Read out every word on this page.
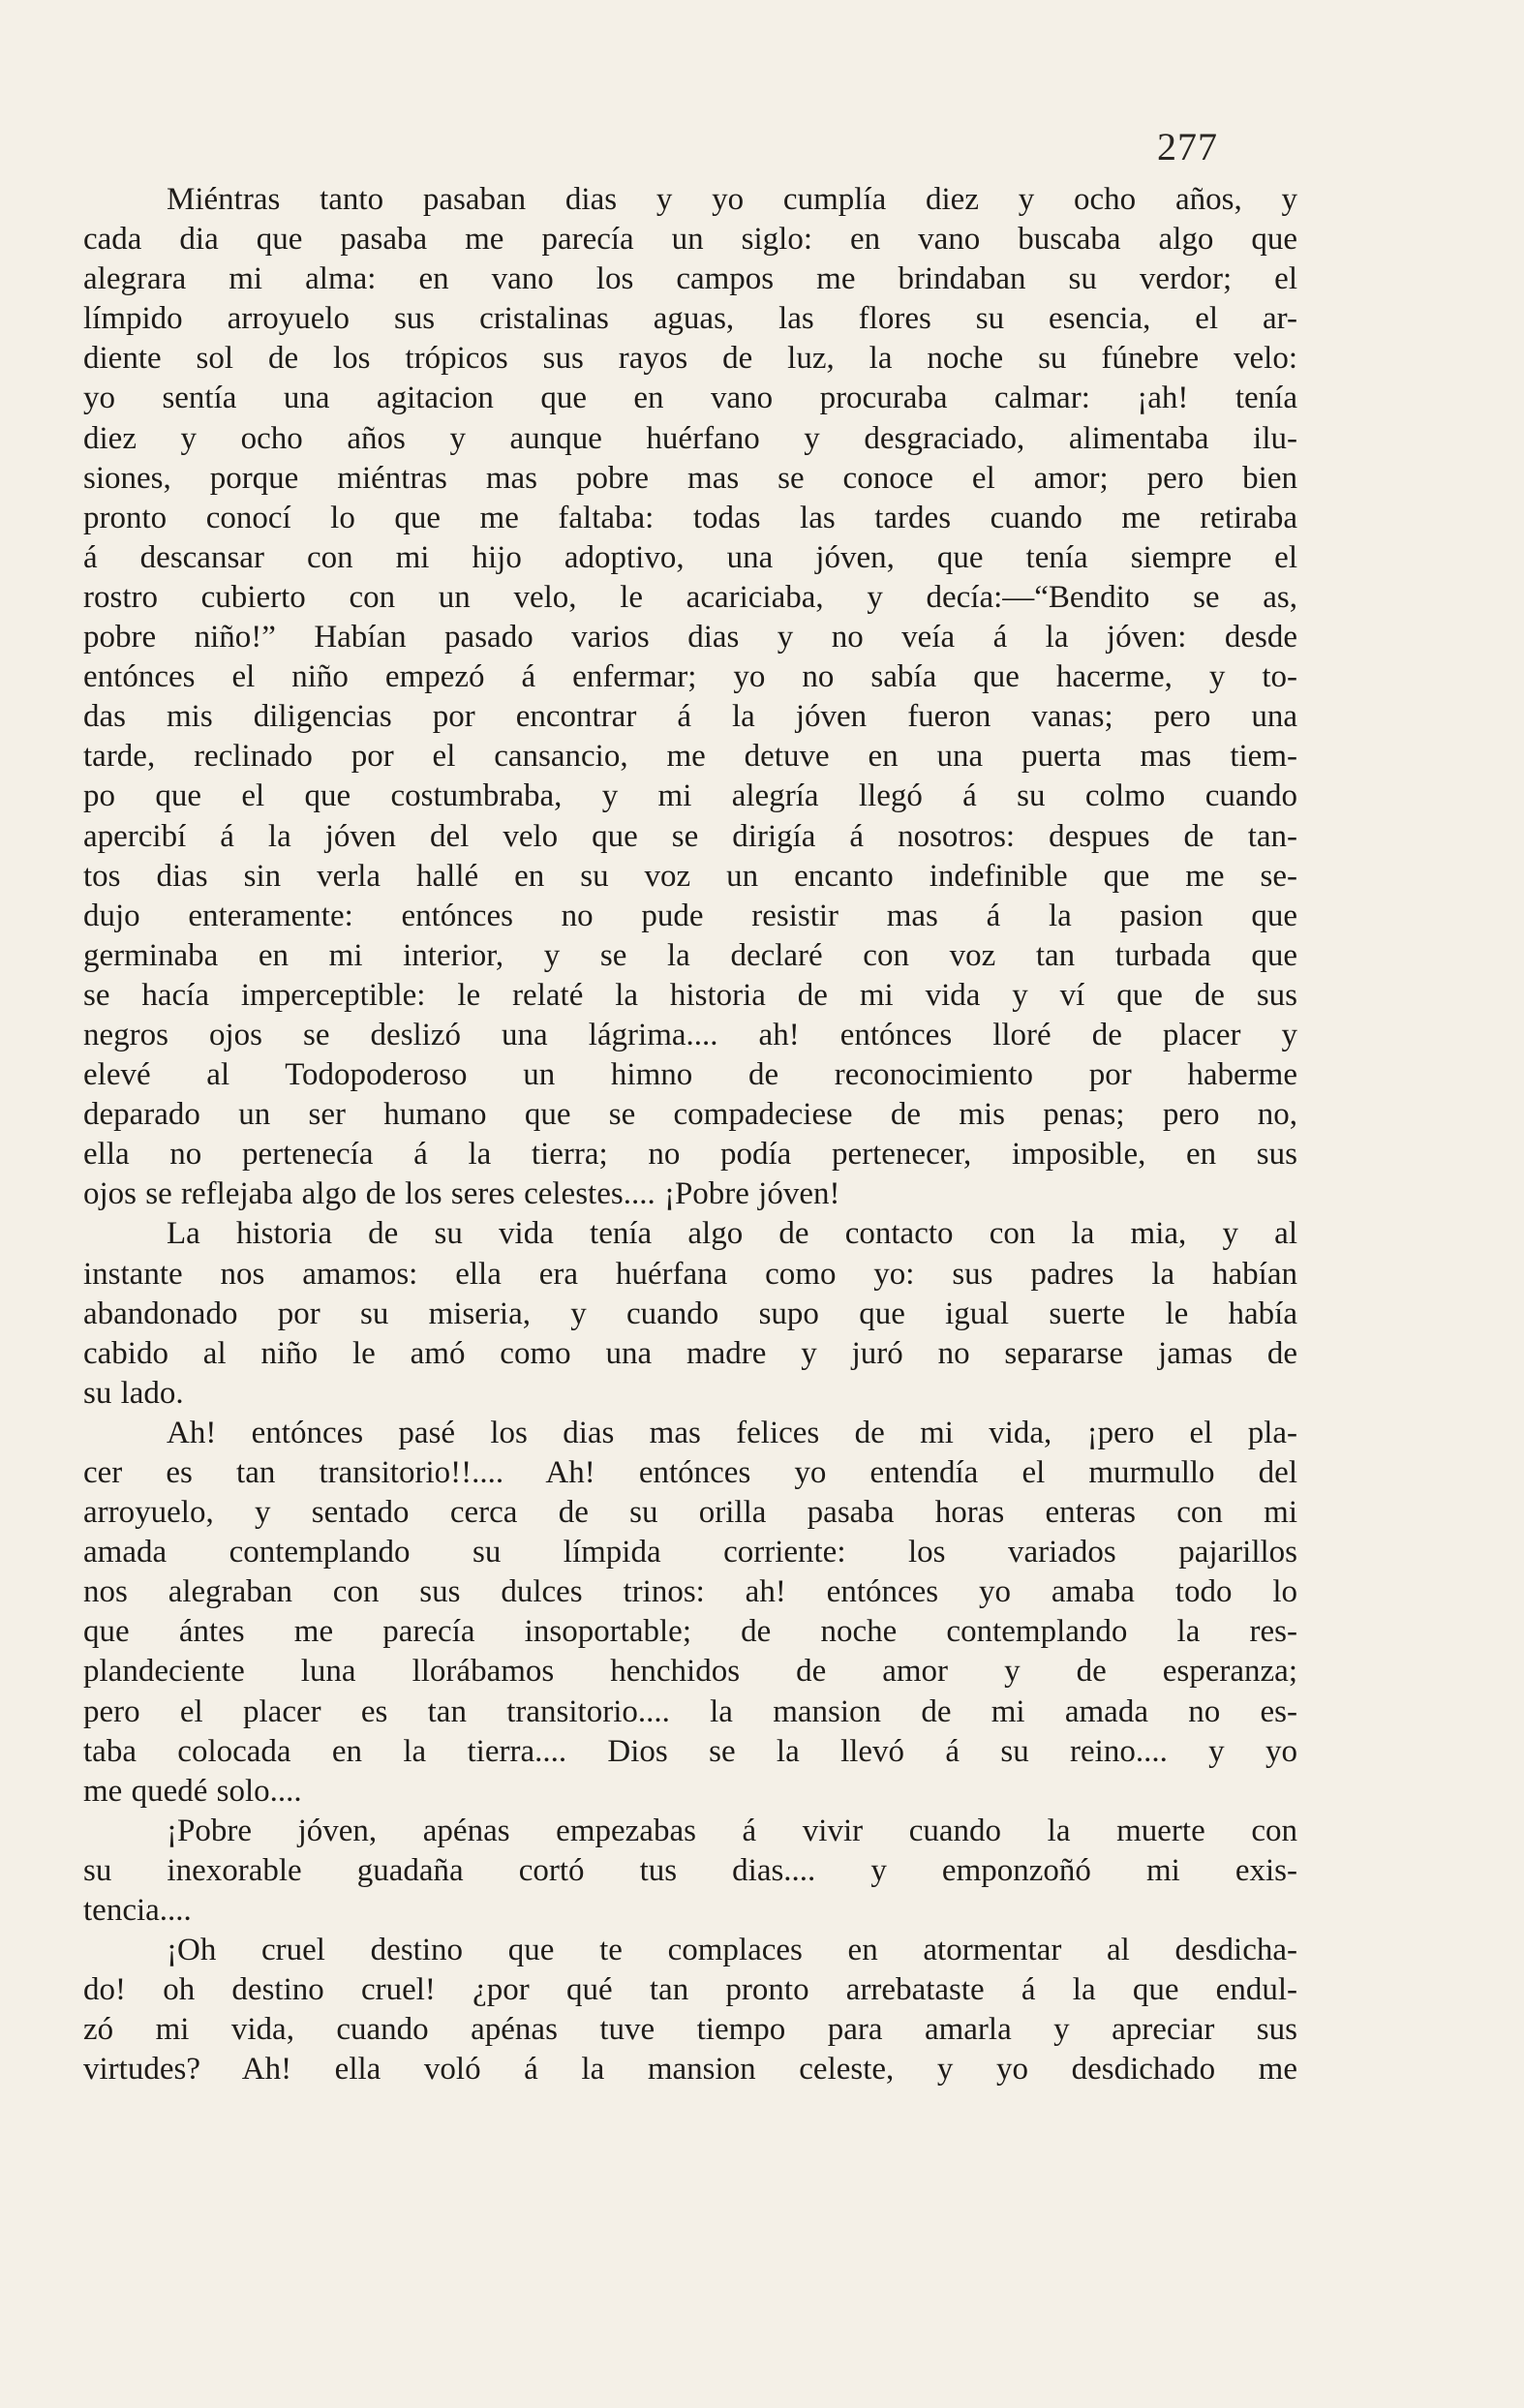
277
Miéntras tanto pasaban dias y yo cumplía diez y ocho años, y
cada dia que pasaba me parecía un siglo: en vano buscaba algo que
alegrara mi alma: en vano los campos me brindaban su verdor; el
límpido arroyuelo sus cristalinas aguas, las flores su esencia, el ar-
diente sol de los trópicos sus rayos de luz, la noche su fúnebre velo:
yo sentía una agitacion que en vano procuraba calmar: ¡ah! tenía
diez y ocho años y aunque huérfano y desgraciado, alimentaba ilu-
siones, porque miéntras mas pobre mas se conoce el amor; pero bien
pronto conocí lo que me faltaba: todas las tardes cuando me retiraba
á descansar con mi hijo adoptivo, una jóven, que tenía siempre el
rostro cubierto con un velo, le acariciaba, y decía:—“Bendito se as,
pobre niño!” Habían pasado varios dias y no veía á la jóven: desde
entónces el niño empezó á enfermar; yo no sabía que hacerme, y to-
das mis diligencias por encontrar á la jóven fueron vanas; pero una
tarde, reclinado por el cansancio, me detuve en una puerta mas tiem-
po que el que costumbraba, y mi alegría llegó á su colmo cuando
apercibí á la jóven del velo que se dirigía á nosotros: despues de tan-
tos dias sin verla hallé en su voz un encanto indefinible que me se-
dujo enteramente: entónces no pude resistir mas á la pasion que
germinaba en mi interior, y se la declaré con voz tan turbada que
se hacía imperceptible: le relaté la historia de mi vida y ví que de sus
negros ojos se deslizó una lágrima.... ah! entónces lloré de placer y
elevé al Todopoderoso un himno de reconocimiento por haberme
deparado un ser humano que se compadeciese de mis penas; pero no,
ella no pertenecía á la tierra; no podía pertenecer, imposible, en sus
ojos se reflejaba algo de los seres celestes.... ¡Pobre jóven!
La historia de su vida tenía algo de contacto con la mia, y al
instante nos amamos: ella era huérfana como yo: sus padres la habían
abandonado por su miseria, y cuando supo que igual suerte le había
cabido al niño le amó como una madre y juró no separarse jamas de
su lado.
Ah! entónces pasé los dias mas felices de mi vida, ¡pero el pla-
cer es tan transitorio!!.... Ah! entónces yo entendía el murmullo del
arroyuelo, y sentado cerca de su orilla pasaba horas enteras con mi
amada contemplando su límpida corriente: los variados pajarillos
nos alegraban con sus dulces trinos: ah! entónces yo amaba todo lo
que ántes me parecía insoportable; de noche contemplando la res-
plandeciente luna llorábamos henchidos de amor y de esperanza;
pero el placer es tan transitorio.... la mansion de mi amada no es-
taba colocada en la tierra.... Dios se la llevó á su reino.... y yo
me quedé solo....
¡Pobre jóven, apénas empezabas á vivir cuando la muerte con
su inexorable guadaña cortó tus dias.... y emponzoñó mi exis-
tencia....
¡Oh cruel destino que te complaces en atormentar al desdicha-
do! oh destino cruel! ¿por qué tan pronto arrebataste á la que endul-
zó mi vida, cuando apénas tuve tiempo para amarla y apreciar sus
virtudes? Ah! ella voló á la mansion celeste, y yo desdichado me
